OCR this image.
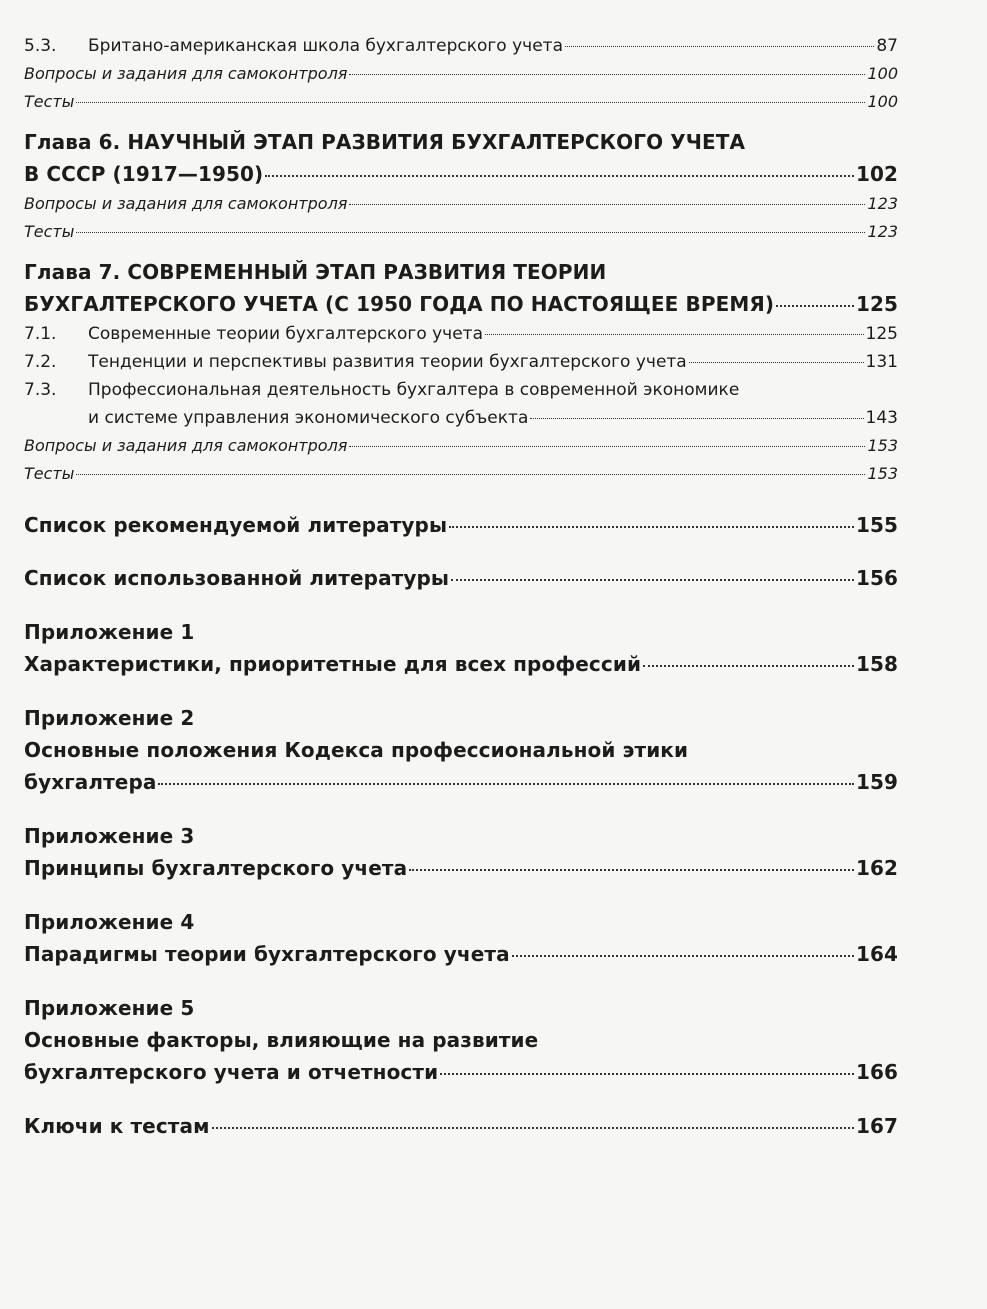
5.3.	Британо-американская школа бухгалтерского учета	87
Вопросы и задания для самоконтроля	100
Тесты	100
Глава 6. НАУЧНЫЙ ЭТАП РАЗВИТИЯ БУХГАЛТЕРСКОГО УЧЕТА
В СССР (1917—1950)	102
Вопросы и задания для самоконтроля	123
Тесты	123
Глава 7. СОВРЕМЕННЫЙ ЭТАП РАЗВИТИЯ ТЕОРИИ
БУХГАЛТЕРСКОГО УЧЕТА (С 1950 ГОДА ПО НАСТОЯЩЕЕ ВРЕМЯ)	125
7.1.	Современные теории бухгалтерского учета	125
7.2.	Тенденции и перспективы развития теории бухгалтерского учета	131
7.3.	Профессиональная деятельность бухгалтера в современной экономике
и системе управления экономического субъекта	143
Вопросы и задания для самоконтроля	153
Тесты	153
Список рекомендуемой литературы	155
Список использованной литературы	156
Приложение 1
Характеристики, приоритетные для всех профессий	158
Приложение 2
Основные положения Кодекса профессиональной этики
бухгалтера	159
Приложение 3
Принципы бухгалтерского учета	162
Приложение 4
Парадигмы теории бухгалтерского учета	164
Приложение 5
Основные факторы, влияющие на развитие
бухгалтерского учета и отчетности	166
Ключи к тестам	167
